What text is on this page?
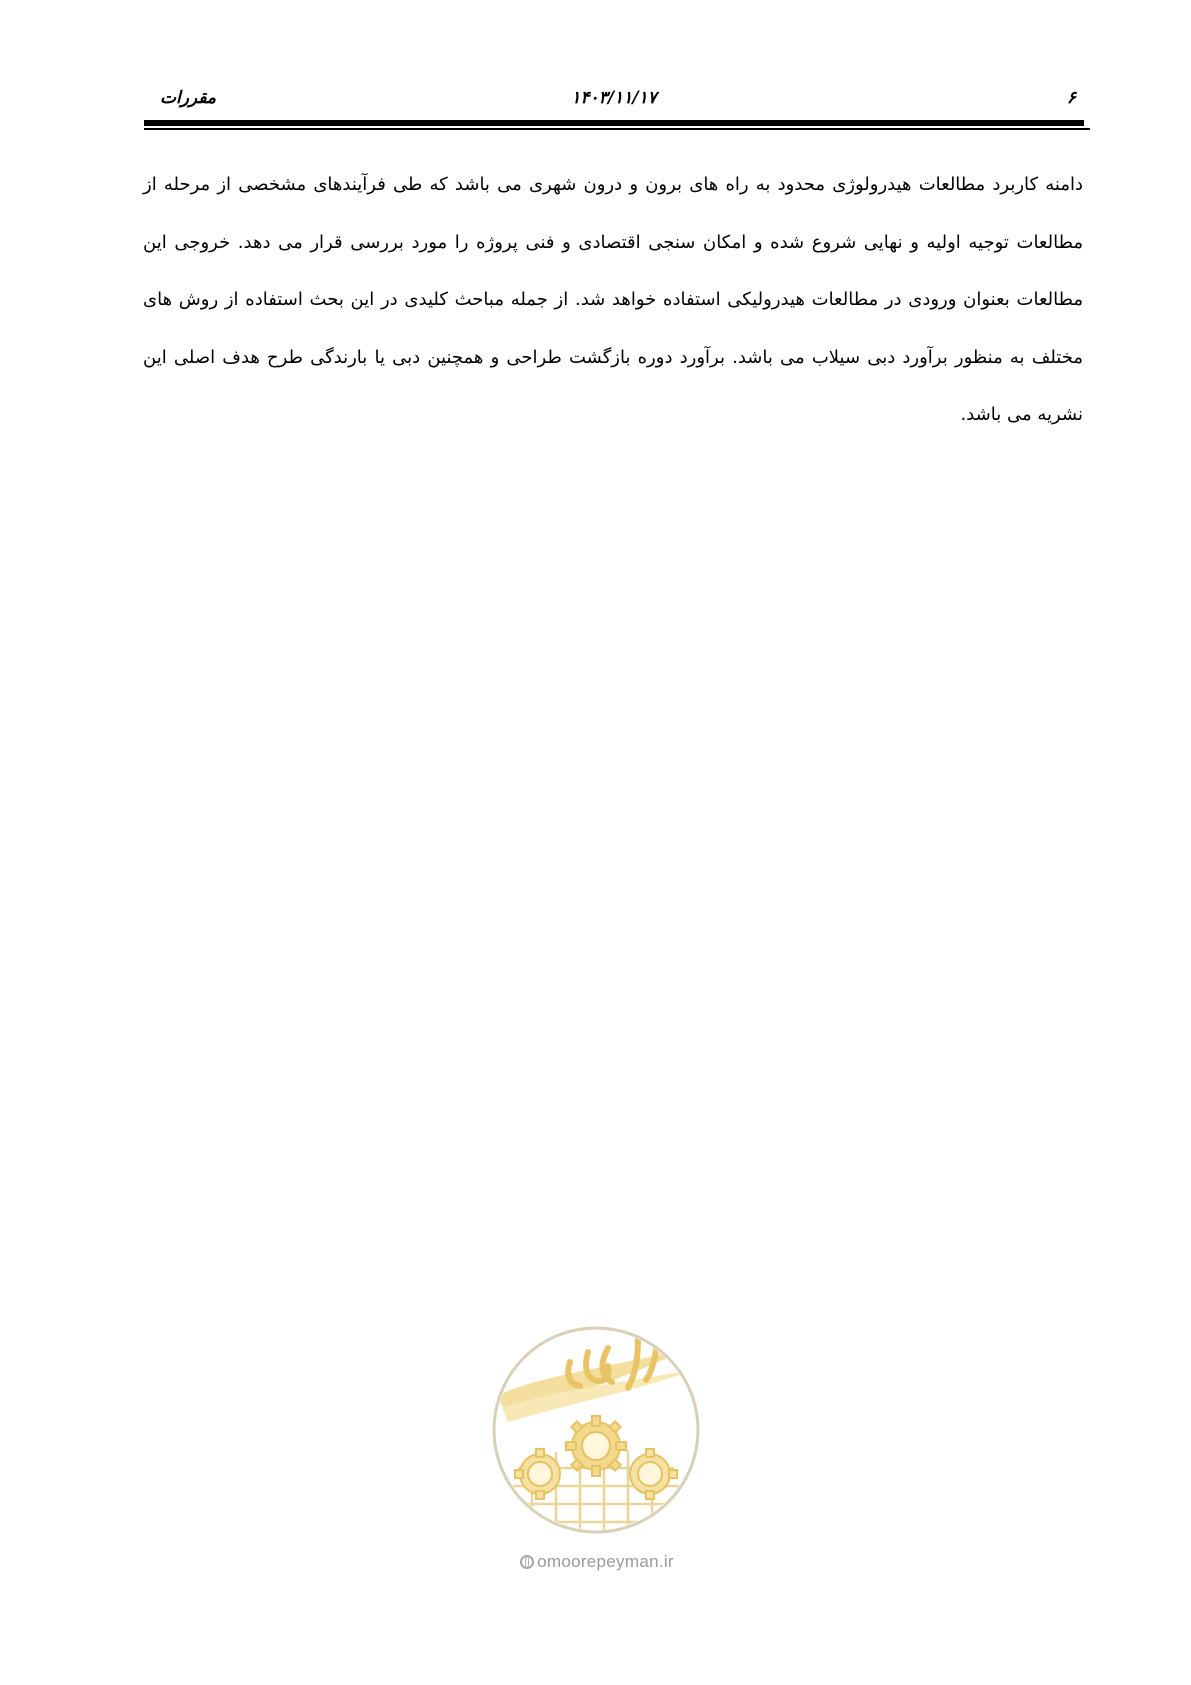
مقررات	۱۴۰۳/۱۱/۱۷	۶

دامنه کاربرد مطالعات هیدرولوژی محدود به راه های برون و درون شهری می باشد که طی فرآیندهای مشخصی از مرحله از مطالعات توجیه اولیه و نهایی شروع شده و امکان سنجی اقتصادی و فنی پروژه را مورد بررسی قرار می دهد. خروجی این مطالعات بعنوان ورودی در مطالعات هیدرولیکی استفاده خواهد شد. از جمله مباحث کلیدی در این بحث استفاده از روش های مختلف به منظور برآورد دبی سیلاب می باشد. برآورد دوره بازگشت طراحی و همچنین دبی یا بارندگی طرح هدف اصلی این نشریه می باشد.

omoorepeyman.ir
